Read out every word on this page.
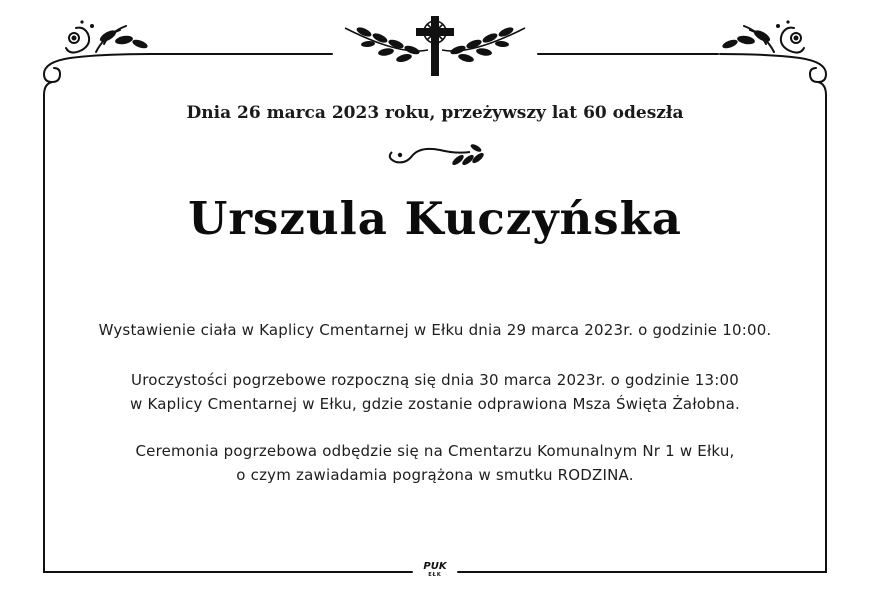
Dnia 26 marca 2023 roku, przeżywszy lat 60 odeszła
Urszula Kuczyńska
Wystawienie ciała w Kaplicy Cmentarnej w Ełku dnia 29 marca 2023r. o godzinie 10:00.
Uroczystości pogrzebowe rozpoczną się dnia 30 marca 2023r. o godzinie 13:00
w Kaplicy Cmentarnej w Ełku, gdzie zostanie odprawiona Msza Święta Żałobna.
Ceremonia pogrzebowa odbędzie się na Cmentarzu Komunalnym Nr 1 w Ełku,
o czym zawiadamia pogrążona w smutku RODZINA.
PUK
EŁK
